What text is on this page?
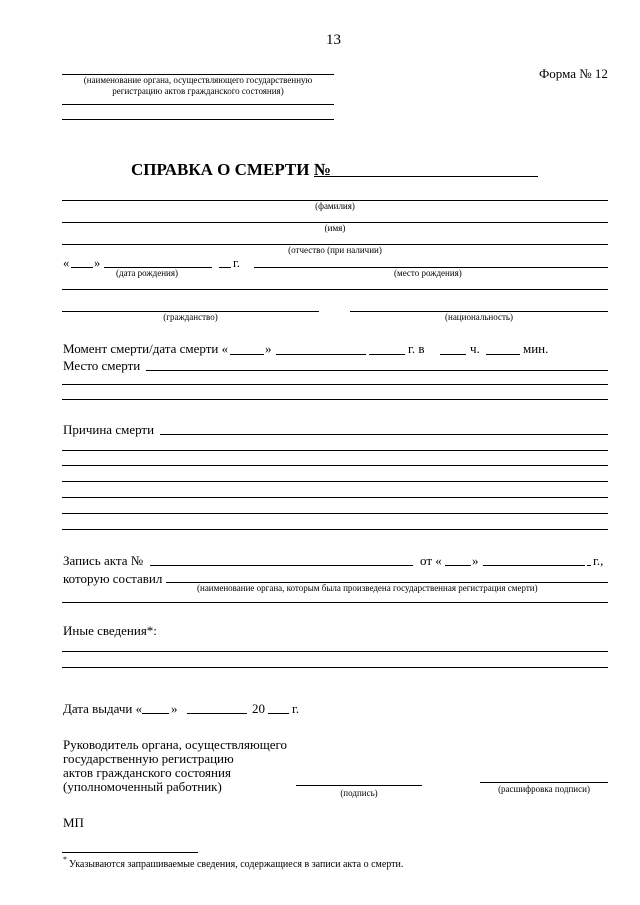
13
Форма № 12
(наименование органа, осуществляющего государственную
регистрацию актов гражданского состояния)
СПРАВКА О СМЕРТИ №
(фамилия)
(имя)
(отчество (при наличии)
« »	г.
(дата рождения)	(место рождения)
(гражданство)	(национальность)
Момент смерти/дата смерти «	»	г. в	ч.	мин.
Место смерти
Причина смерти
Запись акта №	от « »	г.,
которую составил
(наименование органа, которым была произведена государственная регистрация смерти)
Иные сведения*:
Дата выдачи « »	20 г.
Руководитель органа, осуществляющего
государственную регистрацию
актов гражданского состояния
(уполномоченный работник)	(подпись)	(расшифровка подписи)
МП
* Указываются запрашиваемые сведения, содержащиеся в записи акта о смерти.
